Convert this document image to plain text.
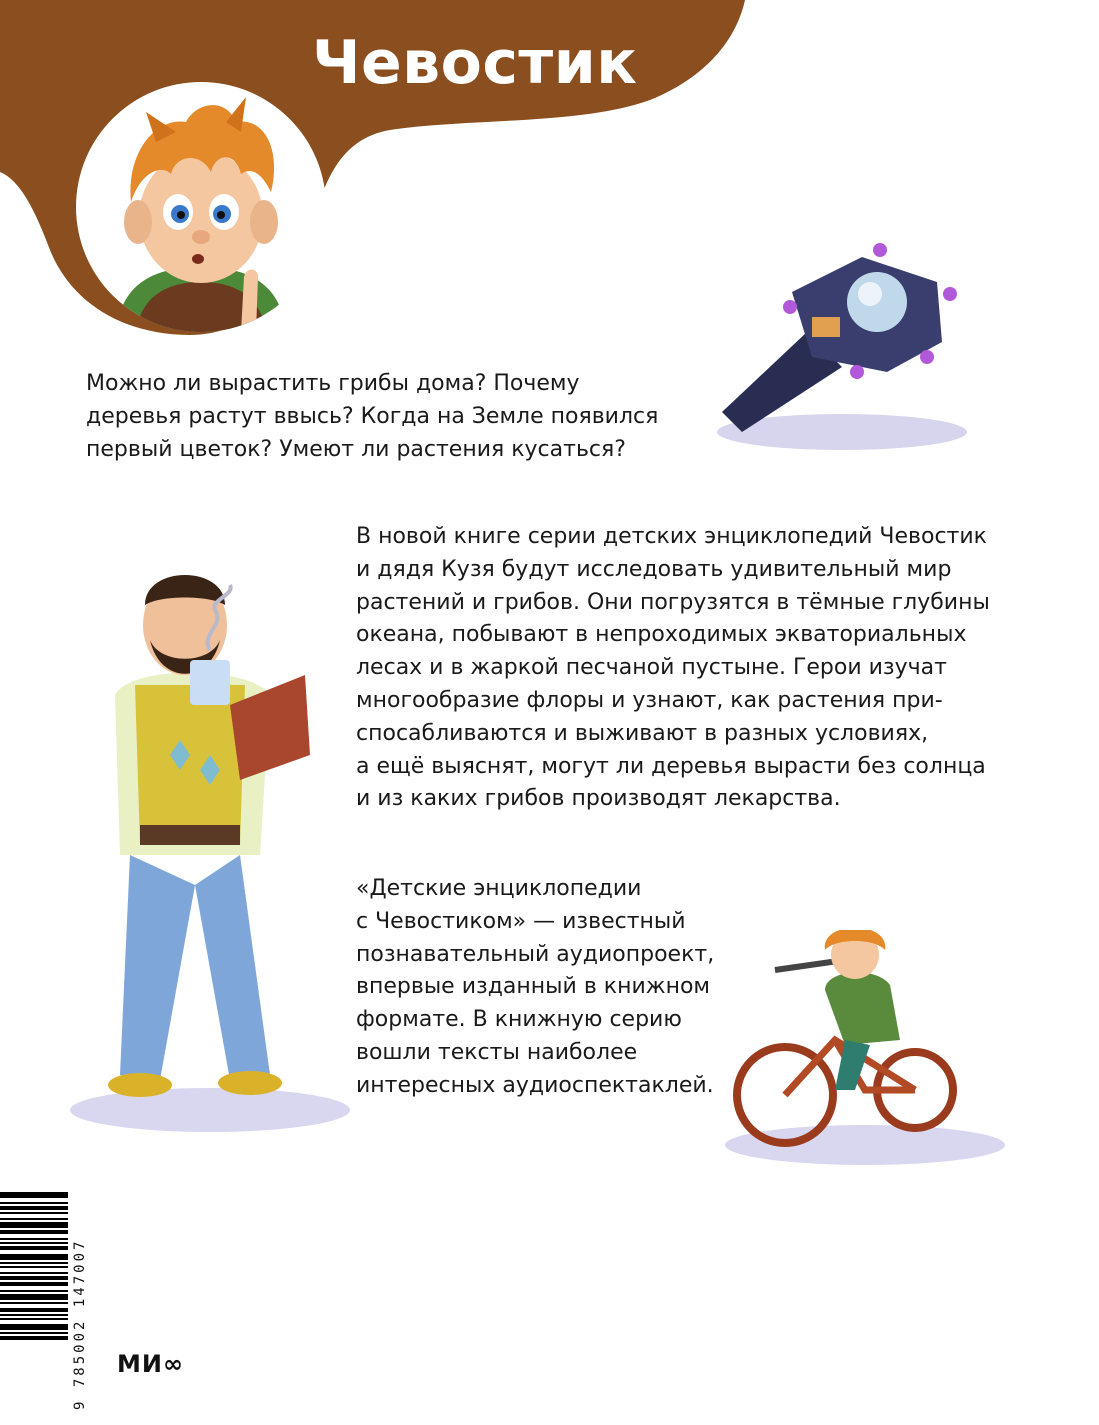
Чевостик

Можно ли вырастить грибы дома? Почему
деревья растут ввысь? Когда на Земле появился
первый цветок? Умеют ли растения кусаться?

В новой книге серии детских энциклопедий Чевостик
и дядя Кузя будут исследовать удивительный мир
растений и грибов. Они погрузятся в тёмные глубины
океана, побывают в непроходимых экваториальных
лесах и в жаркой песчаной пустыне. Герои изучат
многообразие флоры и узнают, как растения при-
спосабливаются и выживают в разных условиях,
а ещё выяснят, могут ли деревья вырасти без солнца
и из каких грибов производят лекарства.

«Детские энциклопедии
с Чевостиком» — известный
познавательный аудиопроект,
впервые изданный в книжном
формате. В книжную серию
вошли тексты наиболее
интересных аудиоспектаклей.

9 785002 147007	МИ∞
